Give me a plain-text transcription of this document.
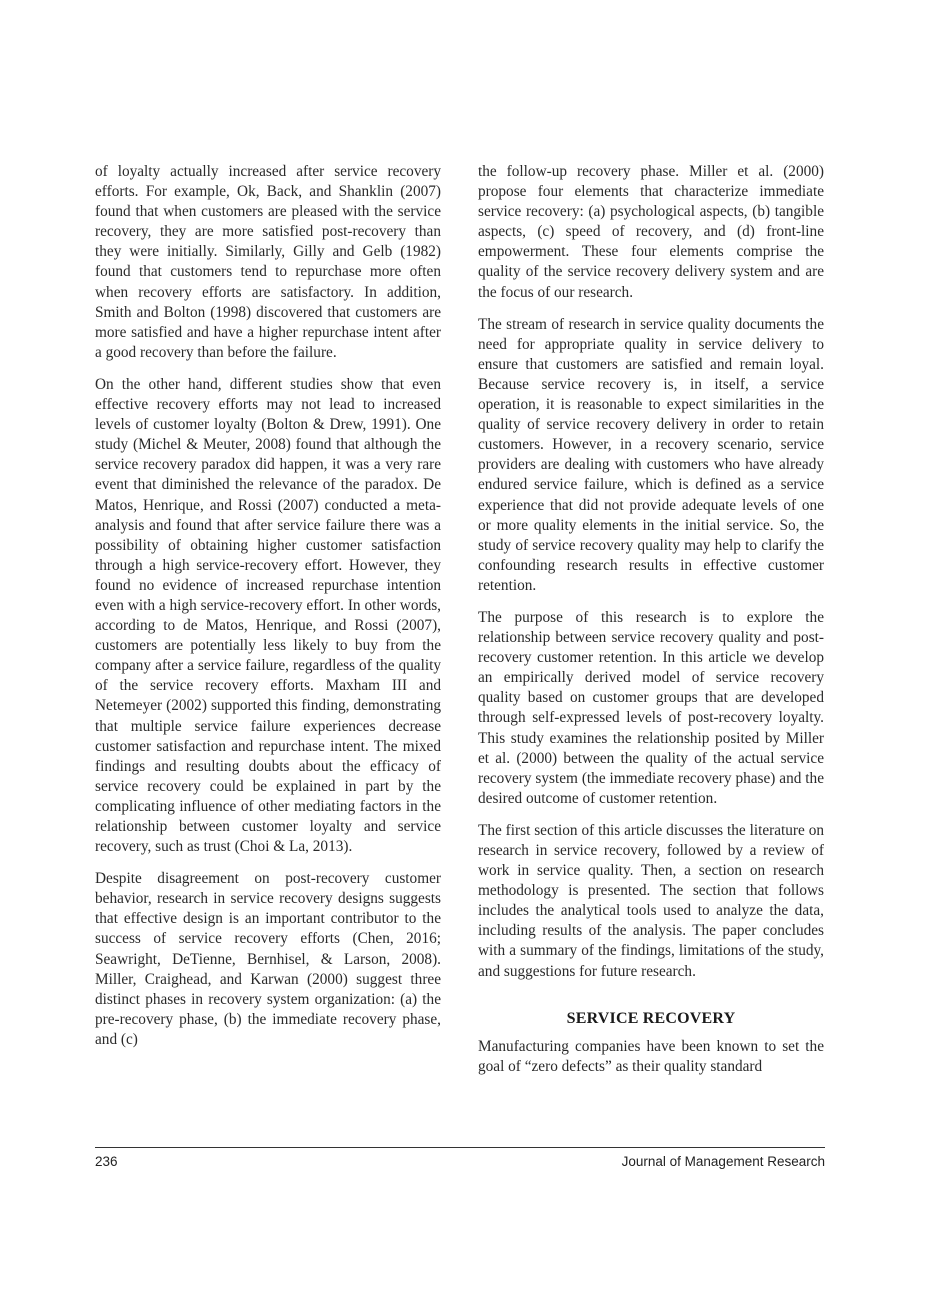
of loyalty actually increased after service recovery efforts. For example, Ok, Back, and Shanklin (2007) found that when customers are pleased with the service recovery, they are more satisfied post-recovery than they were initially. Similarly, Gilly and Gelb (1982) found that customers tend to repurchase more often when recovery efforts are satisfactory. In addition, Smith and Bolton (1998) discovered that customers are more satisfied and have a higher repurchase intent after a good recovery than before the failure.

On the other hand, different studies show that even effective recovery efforts may not lead to increased levels of customer loyalty (Bolton & Drew, 1991). One study (Michel & Meuter, 2008) found that although the service recovery paradox did happen, it was a very rare event that diminished the relevance of the paradox. De Matos, Henrique, and Rossi (2007) conducted a meta-analysis and found that after service failure there was a possibility of obtaining higher customer satisfaction through a high service-recovery effort. However, they found no evidence of increased repurchase intention even with a high service-recovery effort. In other words, according to de Matos, Henrique, and Rossi (2007), customers are potentially less likely to buy from the company after a service failure, regardless of the quality of the service recovery efforts. Maxham III and Netemeyer (2002) supported this finding, demonstrating that multiple service failure experiences decrease customer satisfaction and repurchase intent. The mixed findings and resulting doubts about the efficacy of service recovery could be explained in part by the complicating influence of other mediating factors in the relationship between customer loyalty and service recovery, such as trust (Choi & La, 2013).

Despite disagreement on post-recovery customer behavior, research in service recovery designs suggests that effective design is an important contributor to the success of service recovery efforts (Chen, 2016; Seawright, DeTienne, Bernhisel, & Larson, 2008). Miller, Craighead, and Karwan (2000) suggest three distinct phases in recovery system organization: (a) the pre-recovery phase, (b) the immediate recovery phase, and (c)

the follow-up recovery phase. Miller et al. (2000) propose four elements that characterize immediate service recovery: (a) psychological aspects, (b) tangible aspects, (c) speed of recovery, and (d) front-line empowerment. These four elements comprise the quality of the service recovery delivery system and are the focus of our research.

The stream of research in service quality documents the need for appropriate quality in service delivery to ensure that customers are satisfied and remain loyal. Because service recovery is, in itself, a service operation, it is reasonable to expect similarities in the quality of service recovery delivery in order to retain customers. However, in a recovery scenario, service providers are dealing with customers who have already endured service failure, which is defined as a service experience that did not provide adequate levels of one or more quality elements in the initial service. So, the study of service recovery quality may help to clarify the confounding research results in effective customer retention.

The purpose of this research is to explore the relationship between service recovery quality and post-recovery customer retention. In this article we develop an empirically derived model of service recovery quality based on customer groups that are developed through self-expressed levels of post-recovery loyalty. This study examines the relationship posited by Miller et al. (2000) between the quality of the actual service recovery system (the immediate recovery phase) and the desired outcome of customer retention.

The first section of this article discusses the literature on research in service recovery, followed by a review of work in service quality. Then, a section on research methodology is presented. The section that follows includes the analytical tools used to analyze the data, including results of the analysis. The paper concludes with a summary of the findings, limitations of the study, and suggestions for future research.

SERVICE RECOVERY

Manufacturing companies have been known to set the goal of “zero defects” as their quality standard

236	Journal of Management Research
